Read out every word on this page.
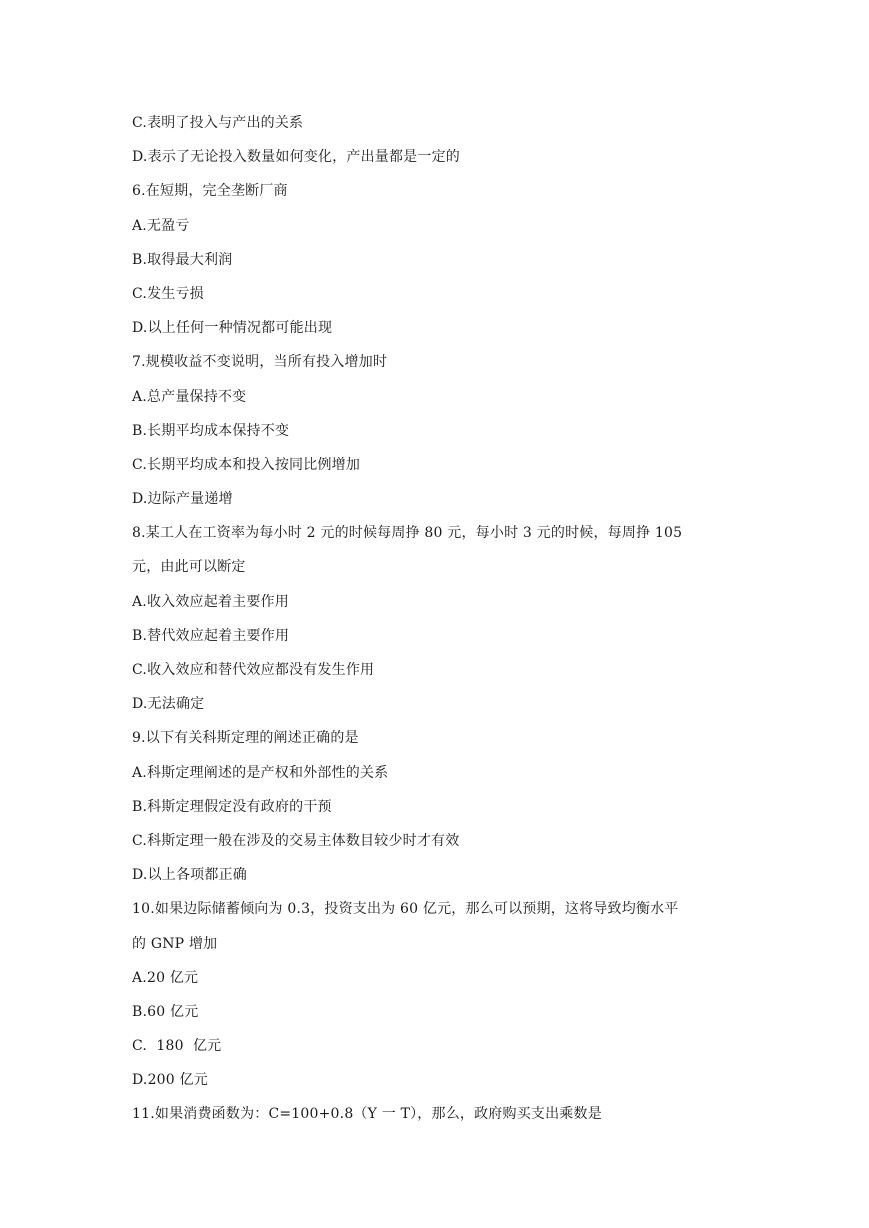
C.表明了投入与产出的关系
D.表示了无论投入数量如何变化，产出量都是一定的
6.在短期，完全垄断厂商
A.无盈亏
B.取得最大利润
C.发生亏损
D.以上任何一种情况都可能出现
7.规模收益不变说明，当所有投入增加时
A.总产量保持不变
B.长期平均成本保持不变
C.长期平均成本和投入按同比例增加
D.边际产量递增
8.某工人在工资率为每小时 2 元的时候每周挣 80 元，每小时 3 元的时候，每周挣 105
元，由此可以断定
A.收入效应起着主要作用
B.替代效应起着主要作用
C.收入效应和替代效应都没有发生作用
D.无法确定
9.以下有关科斯定理的阐述正确的是
A.科斯定理阐述的是产权和外部性的关系
B.科斯定理假定没有政府的干预
C.科斯定理一般在涉及的交易主体数目较少时才有效
D.以上各项都正确
10.如果边际储蓄倾向为 0.3，投资支出为 60 亿元，那么可以预期，这将导致均衡水平
的 GNP 增加
A.20 亿元
B.60 亿元
C.  180  亿元
D.200 亿元
11.如果消费函数为：C=100+0.8（Y 一 T），那么，政府购买支出乘数是
